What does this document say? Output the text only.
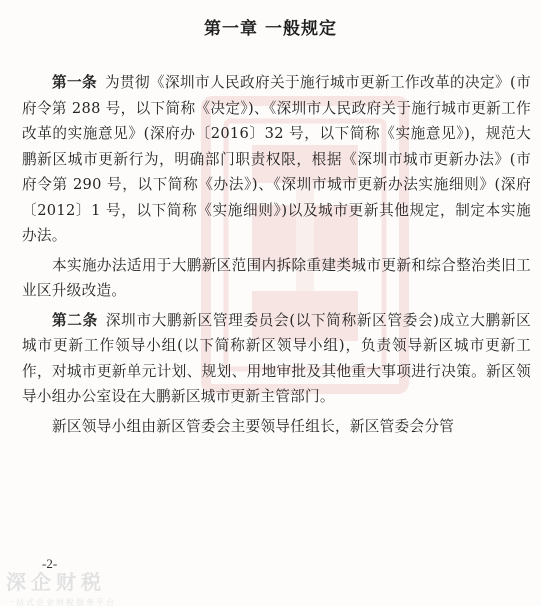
第一章 一般规定

第一条 为贯彻《深圳市人民政府关于施行城市更新工作改革的决定》(市府令第 288 号，以下简称《决定》)、《深圳市人民政府关于施行城市更新工作改革的实施意见》(深府办〔2016〕32 号，以下简称《实施意见》)，规范大鹏新区城市更新行为，明确部门职责权限，根据《深圳市城市更新办法》(市府令第 290 号，以下简称《办法》)、《深圳市城市更新办法实施细则》(深府〔2012〕1 号，以下简称《实施细则》)以及城市更新其他规定，制定本实施办法。

本实施办法适用于大鹏新区范围内拆除重建类城市更新和综合整治类旧工业区升级改造。

第二条 深圳市大鹏新区管理委员会(以下简称新区管委会)成立大鹏新区城市更新工作领导小组(以下简称新区领导小组)，负责领导新区城市更新工作，对城市更新单元计划、规划、用地审批及其他重大事项进行决策。新区领导小组办公室设在大鹏新区城市更新主管部门。

新区领导小组由新区管委会主要领导任组长，新区管委会分管

-2-
深企财税
一站式企业财税服务平台
